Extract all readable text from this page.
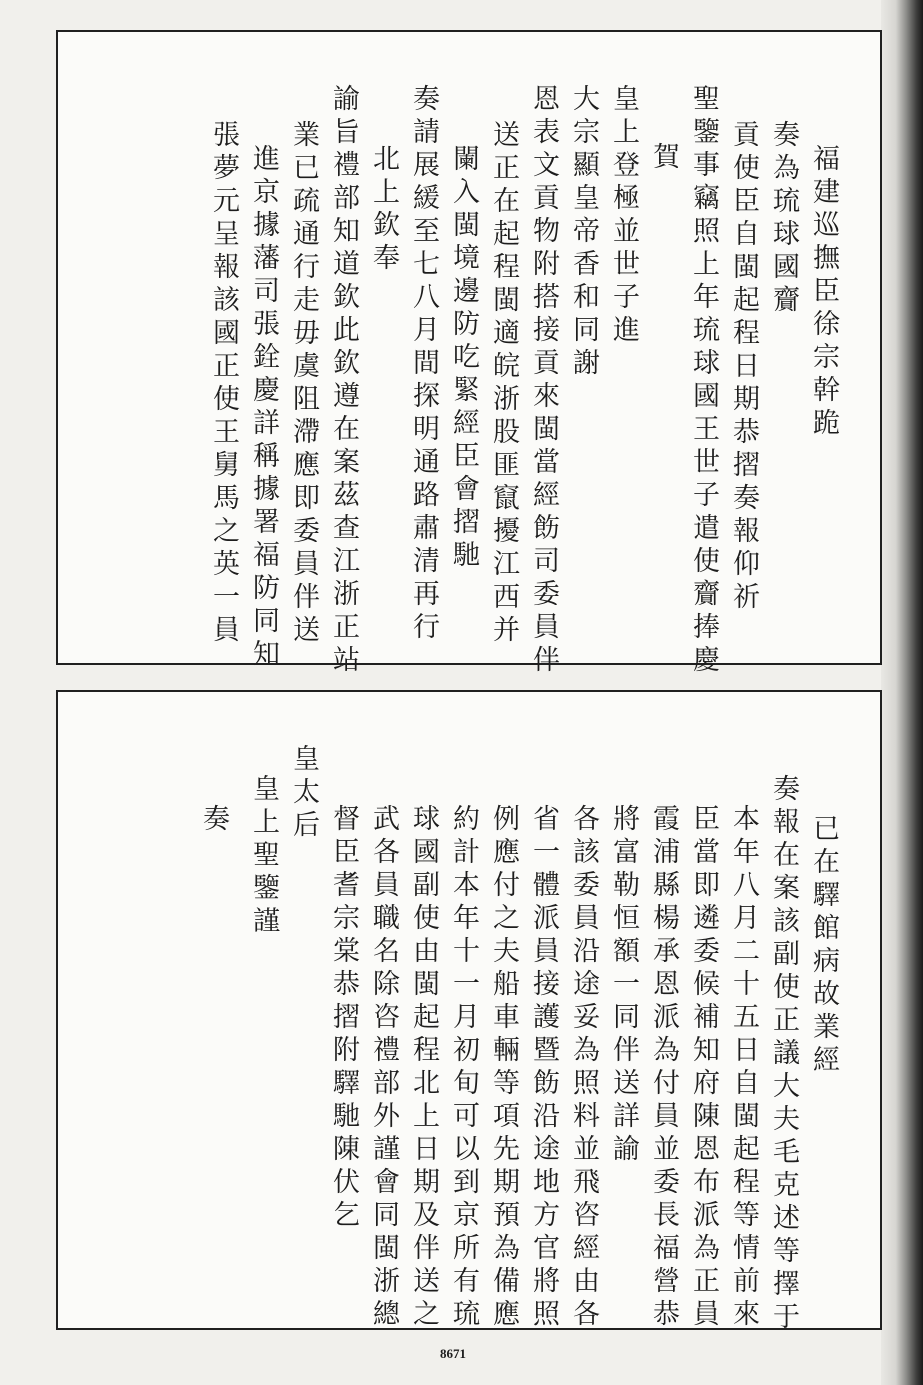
福建巡撫臣徐宗幹跪
奏為琉球國齎
貢使臣自閩起程日期恭摺奏報仰祈
聖鑒事竊照上年琉球國王世子遣使齎捧慶
賀
皇上登極並世子進
大宗顯皇帝香和同謝
恩表文貢物附搭接貢來閩當經飭司委員伴
送正在起程閩適皖浙股匪竄擾江西并
闌入閩境邊防吃緊經臣會摺馳
奏請展緩至七八月間探明通路肅清再行
北上欽奉
諭旨禮部知道欽此欽遵在案茲查江浙正站
業已疏通行走毋虞阻滯應即委員伴送
進京據藩司張銓慶詳稱據署福防同知
張夢元呈報該國正使王舅馬之英一員
已在驛館病故業經
奏報在案該副使正議大夫毛克述等擇于
本年八月二十五日自閩起程等情前來
臣當即遴委候補知府陳恩布派為正員
霞浦縣楊承恩派為付員並委長福營恭
將富勒恒額一同伴送詳諭
各該委員沿途妥為照料並飛咨經由各
省一體派員接護暨飭沿途地方官將照
例應付之夫船車輛等項先期預為備應
約計本年十一月初旬可以到京所有琉
球國副使由閩起程北上日期及伴送之
武各員職名除咨禮部外謹會同閩浙總
督臣耆宗棠恭摺附驛馳陳伏乞
皇太后
皇上聖鑒謹
奏
8671
